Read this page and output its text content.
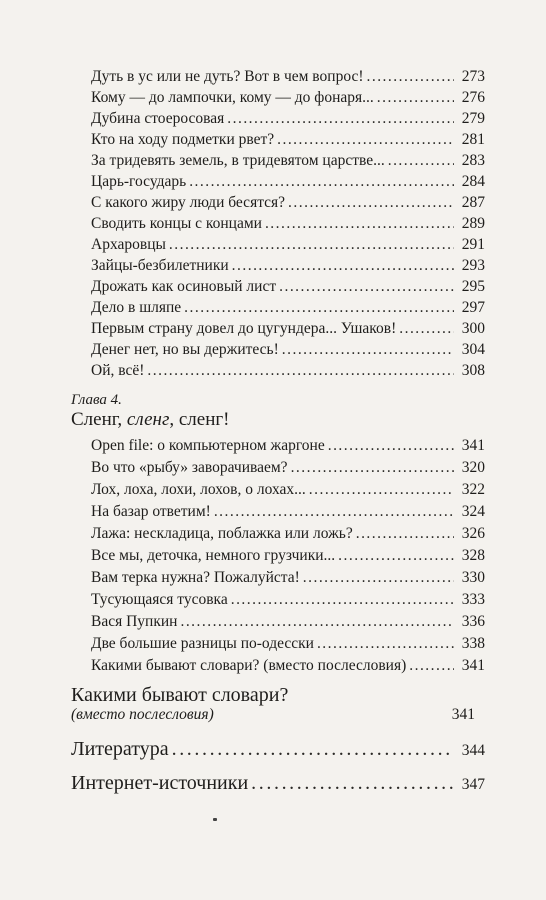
Дуть в ус или не дуть? Вот в чем вопрос! . . .	273
Кому — до лампочки, кому — до фонаря... . . .	276
Дубина стоеросовая . . .	279
Кто на ходу подметки рвет? . . .	281
За тридевять земель, в тридевятом царстве... . . .	283
Царь-государь . . .	284
С какого жиру люди бесятся? . . .	287
Сводить концы с концами . . .	289
Архаровцы . . .	291
Зайцы-безбилетники . . .	293
Дрожать как осиновый лист . . .	295
Дело в шляпе . . .	297
Первым страну довел до цугундера... Ушаков! . . .	300
Денег нет, но вы держитесь! . . .	304
Ой, всё! . . .	308
Глава 4.
Сленг, сленг, сленг!
Open file: о компьютерном жаргоне . . .	341
Во что «рыбу» заворачиваем? . . .	320
Лох, лоха, лохи, лохов, о лохах... . . .	322
На базар ответим! . . .	324
Лажа: нескладица, поблажка или ложь? . . .	326
Все мы, деточка, немного грузчики... . . .	328
Вам терка нужна? Пожалуйста! . . .	330
Тусующаяся тусовка . . .	333
Вася Пупкин . . .	336
Две большие разницы по-одесски . . .	338
Какими бывают словари? (вместо послесловия) . . .	341
Какими бывают словари?
(вместо послесловия)	341
Литература . . .	344
Интернет-источники . . .	347
